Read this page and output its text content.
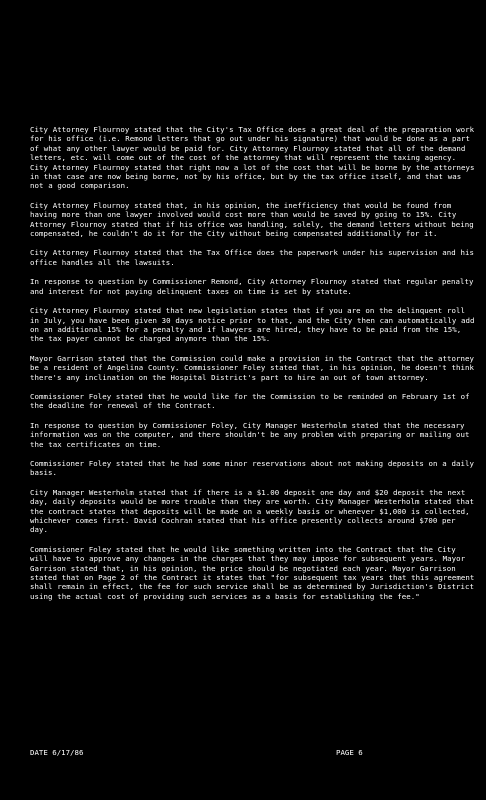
City Attorney Flournoy stated that the City's Tax Office does a great deal of the preparation work for his office (i.e. Remond letters that go out under his signature) that would be done as a part of what any other lawyer would be paid for. City Attorney Flournoy stated that all of the demand letters, etc. will come out of the cost of the attorney that will represent the taxing agency. City Attorney Flournoy stated that right now a lot of the cost that will be borne by the attorneys in that case are now being borne, not by his office, but by the tax office itself, and that was not a good comparison.

City Attorney Flournoy stated that, in his opinion, the inefficiency that would be found from having more than one lawyer involved would cost more than would be saved by going to 15%. City Attorney Flournoy stated that if his office was handling, solely, the demand letters without being compensated, he couldn't do it for the City without being compensated additionally for it.

City Attorney Flournoy stated that the Tax Office does the paperwork under his supervision and his office handles all the lawsuits.

In response to question by Commissioner Remond, City Attorney Flournoy stated that regular penalty and interest for not paying delinquent taxes on time is set by statute.

City Attorney Flournoy stated that new legislation states that if you are on the delinquent roll in July, you have been given 30 days notice prior to that, and the City then can automatically add on an additional 15% for a penalty and if lawyers are hired, they have to be paid from the 15%, the tax payer cannot be charged anymore than the 15%.

Mayor Garrison stated that the Commission could make a provision in the Contract that the attorney be a resident of Angelina County. Commissioner Foley stated that, in his opinion, he doesn't think there's any inclination on the Hospital District's part to hire an out of town attorney.

Commissioner Foley stated that he would like for the Commission to be reminded on February 1st of the deadline for renewal of the Contract.

In response to question by Commissioner Foley, City Manager Westerholm stated that the necessary information was on the computer, and there shouldn't be any problem with preparing or mailing out the tax certificates on time.

Commissioner Foley stated that he had some minor reservations about not making deposits on a daily basis.

City Manager Westerholm stated that if there is a $1.00 deposit one day and $20 deposit the next day, daily deposits would be more trouble than they are worth. City Manager Westerholm stated that the contract states that deposits will be made on a weekly basis or whenever $1,000 is collected, whichever comes first. David Cochran stated that his office presently collects around $700 per day.

Commissioner Foley stated that he would like something written into the Contract that the City will have to approve any changes in the charges that they may impose for subsequent years. Mayor Garrison stated that, in his opinion, the price should be negotiated each year. Mayor Garrison stated that on Page 2 of the Contract it states that "for subsequent tax years that this agreement shall remain in effect, the fee for such service shall be as determined by Jurisdiction's District using the actual cost of providing such services as a basis for establishing the fee."

DATE 6/17/86	PAGE 6
